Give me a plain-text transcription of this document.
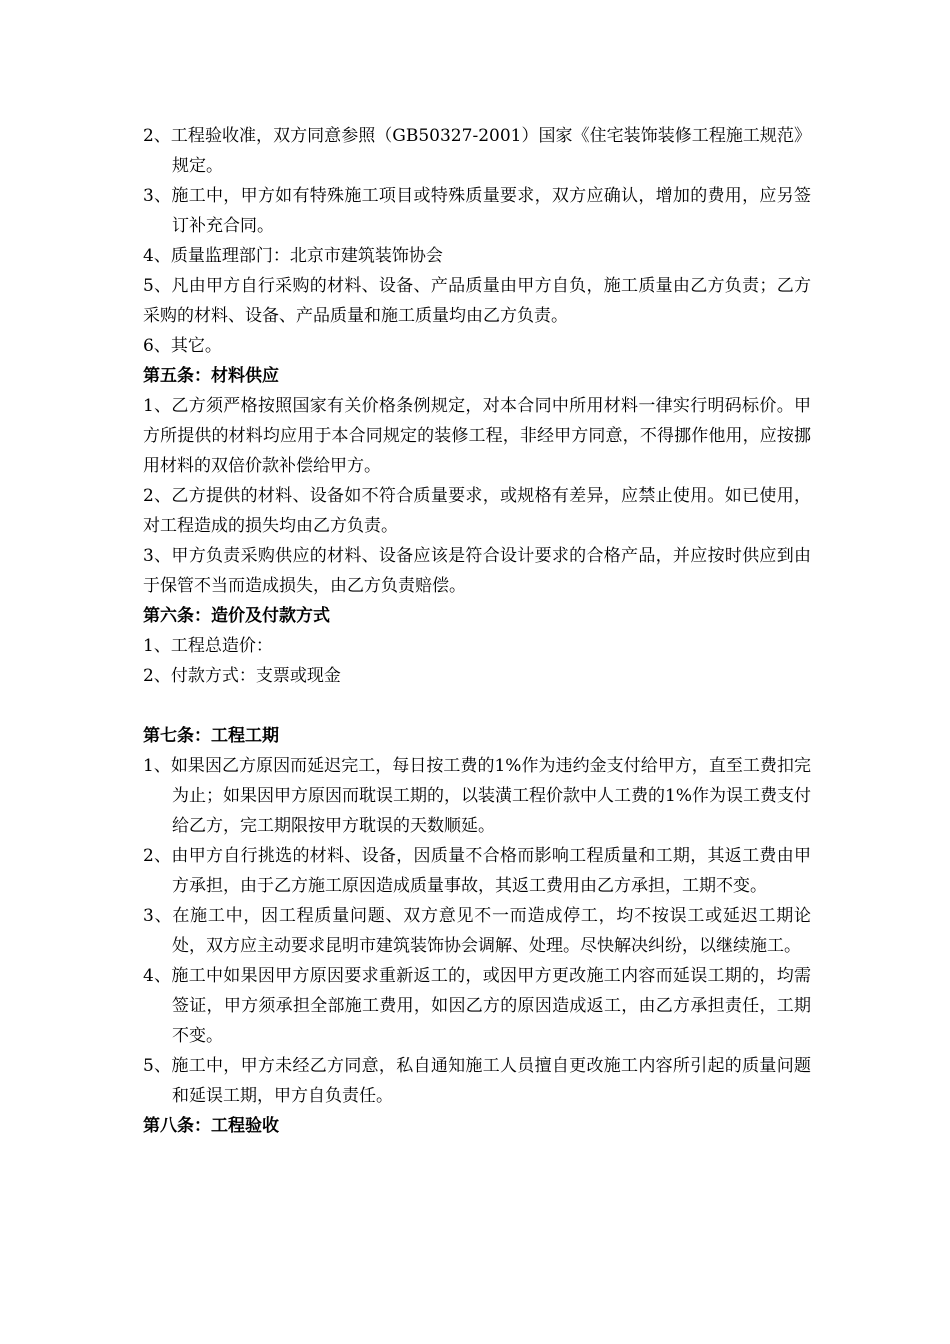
2、工程验收准，双方同意参照（GB50327-2001）国家《住宅装饰装修工程施工规范》规定。

3、施工中，甲方如有特殊施工项目或特殊质量要求，双方应确认，增加的费用，应另签订补充合同。

4、质量监理部门：北京市建筑装饰协会

5、凡由甲方自行采购的材料、设备、产品质量由甲方自负，施工质量由乙方负责；乙方采购的材料、设备、产品质量和施工质量均由乙方负责。

6、其它。

第五条：材料供应

1、乙方须严格按照国家有关价格条例规定，对本合同中所用材料一律实行明码标价。甲方所提供的材料均应用于本合同规定的装修工程，非经甲方同意，不得挪作他用，应按挪用材料的双倍价款补偿给甲方。

2、乙方提供的材料、设备如不符合质量要求，或规格有差异，应禁止使用。如已使用，对工程造成的损失均由乙方负责。

3、甲方负责采购供应的材料、设备应该是符合设计要求的合格产品，并应按时供应到由于保管不当而造成损失，由乙方负责赔偿。

第六条：造价及付款方式

1、工程总造价：

2、付款方式：支票或现金

第七条：工程工期

1、如果因乙方原因而延迟完工，每日按工费的1%作为违约金支付给甲方，直至工费扣完为止；如果因甲方原因而耽误工期的，以装潢工程价款中人工费的1%作为误工费支付给乙方，完工期限按甲方耽误的天数顺延。

2、由甲方自行挑选的材料、设备，因质量不合格而影响工程质量和工期，其返工费由甲方承担，由于乙方施工原因造成质量事故，其返工费用由乙方承担，工期不变。

3、在施工中，因工程质量问题、双方意见不一而造成停工，均不按误工或延迟工期论处，双方应主动要求昆明市建筑装饰协会调解、处理。尽快解决纠纷，以继续施工。

4、施工中如果因甲方原因要求重新返工的，或因甲方更改施工内容而延误工期的，均需签证，甲方须承担全部施工费用，如因乙方的原因造成返工，由乙方承担责任，工期不变。

5、施工中，甲方未经乙方同意，私自通知施工人员擅自更改施工内容所引起的质量问题和延误工期，甲方自负责任。

第八条：工程验收
